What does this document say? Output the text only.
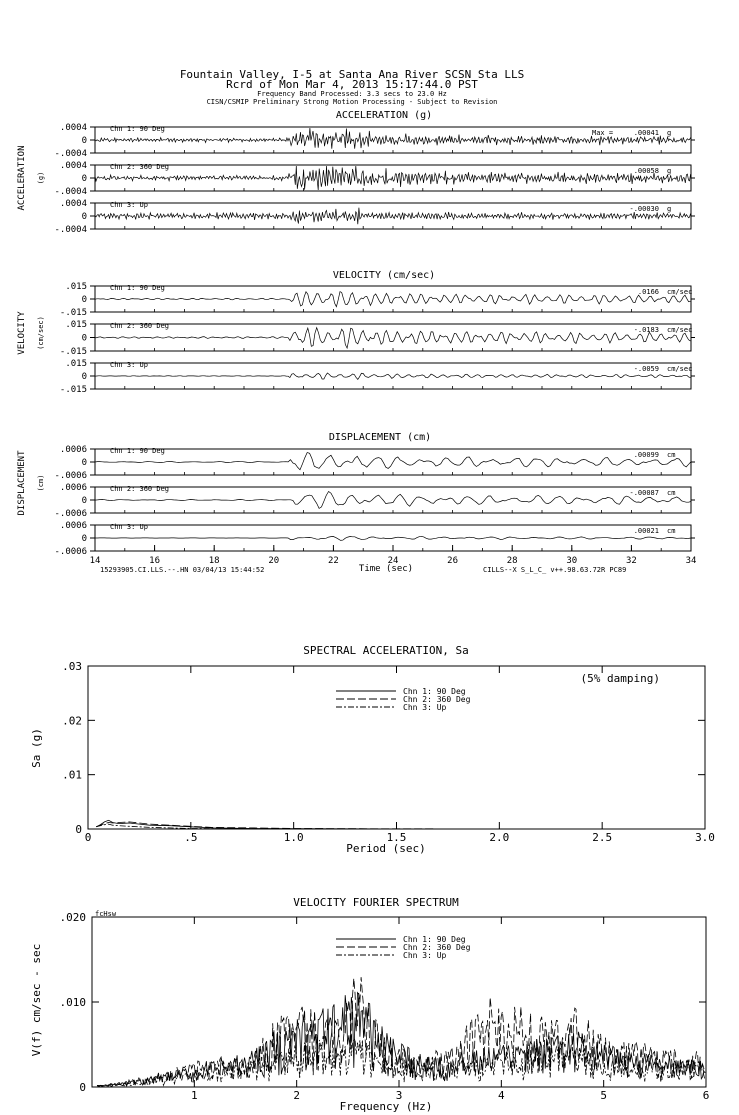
Fountain Valley, I-5 at Santa Ana River SCSN Sta LLS
Rcrd of Mon Mar 4, 2013 15:17:44.0 PST
Frequency Band Processed: 3.3 secs to 23.0 Hz
CISN/CSMIP Preliminary Strong Motion Processing - Subject to Revision
ACCELERATION (g)
ACCELERATION (g)
.0004
0
-.0004
Chn 1: 90 Deg	Max =	.00041 g
.0004
0
-.0004
Chn 2: 360 Deg	.00058 g
.0004
0
-.0004
Chn 3: Up	-.00030 g
VELOCITY (cm/sec)
VELOCITY (cm/sec)
.015
0
-.015
Chn 1: 90 Deg	.0166 cm/sec
.015
0
-.015
Chn 2: 360 Deg	-.0183 cm/sec
.015
0
-.015
Chn 3: Up	-.0059 cm/sec
DISPLACEMENT (cm)
DISPLACEMENT (cm)
.0006
0
-.0006
Chn 1: 90 Deg	.00099 cm
.0006
0
-.0006
Chn 2: 360 Deg	-.00087 cm
.0006
0
-.0006
Chn 3: Up	.00021 cm
14	16	18	20	22	24	26	28	30	32	34
Time (sec)
15293905.CI.LLS.--.HN 03/04/13 15:44:52	CILLS--X S_L_C_ v++.98.63.72R PC89
SPECTRAL ACCELERATION, Sa
0	.5	1.0	1.5	2.0	2.5	3.0
0
.01
.02
.03
Period (sec)
Sa (g)
(5% damping)
Chn 1: 90 Deg
Chn 2: 360 Deg
Chn 3: Up
VELOCITY FOURIER SPECTRUM
fcHsw
1	2	3	4	5	6
0
.010
.020
Frequency (Hz)
V(f) cm/sec - sec
Chn 1: 90 Deg
Chn 2: 360 Deg
Chn 3: Up
